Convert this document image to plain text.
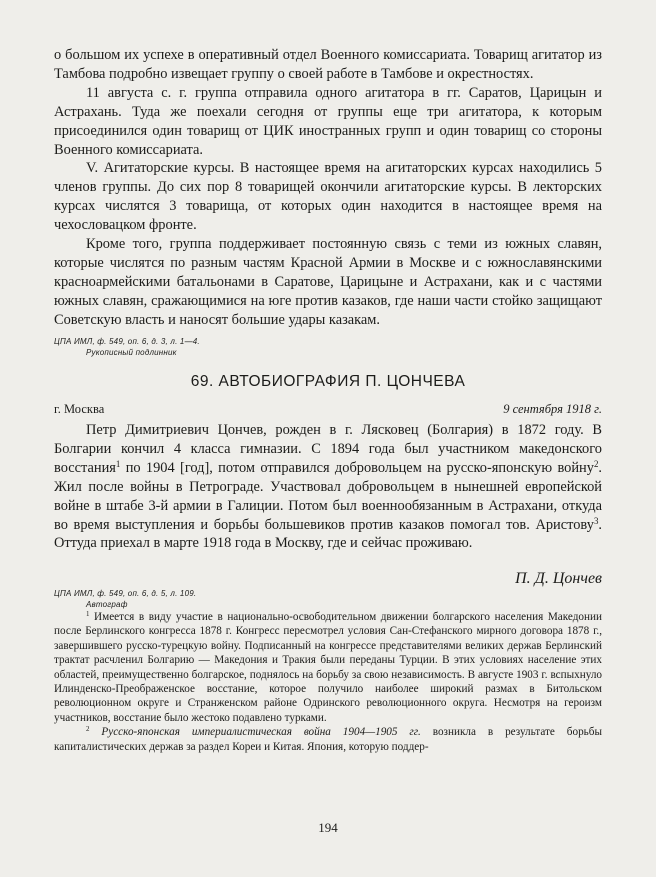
о большом их успехе в оперативный отдел Военного комиссариата. Товарищ агитатор из Тамбова подробно извещает группу о своей работе в Тамбове и окрестностях.

11 августа с. г. группа отправила одного агитатора в гг. Саратов, Царицын и Астрахань. Туда же поехали сегодня от группы еще три агитатора, к которым присоединился один товарищ от ЦИК иностранных групп и один товарищ со стороны Военного комиссариата.

V. Агитаторские курсы. В настоящее время на агитаторских курсах находились 5 членов группы. До сих пор 8 товарищей окончили агитаторские курсы. В лекторских курсах числятся 3 товарища, от которых один находится в настоящее время на чехословацком фронте.

Кроме того, группа поддерживает постоянную связь с теми из южных славян, которые числятся по разным частям Красной Армии в Москве и с южнославянскими красноармейскими батальонами в Саратове, Царицыне и Астрахани, как и с частями южных славян, сражающимися на юге против казаков, где наши части стойко защищают Советскую власть и наносят большие удары казакам.

ЦПА ИМЛ, ф. 549, оп. 6, д. 3, л. 1—4.
Рукописный подлинник
69. АВТОБИОГРАФИЯ П. ЦОНЧЕВА
г. Москва	9 сентября 1918 г.

Петр Димитриевич Цончев, рожден в г. Лясковец (Болгария) в 1872 году. В Болгарии кончил 4 класса гимназии. С 1894 года был участником македонского восстания$^1$ по 1904 [год], потом отправился добровольцем на русско-японскую войну$^2$. Жил после войны в Петрограде. Участвовал добровольцем в нынешней европейской войне в штабе 3-й армии в Галиции. Потом был военнообязанным в Астрахани, откуда во время выступления и борьбы большевиков против казаков помогал тов. Аристову$^3$. Оттуда приехал в марте 1918 года в Москву, где и сейчас проживаю.

П. Д. Цончев
ЦПА ИМЛ, ф. 549, оп. 6, д. 5, л. 109.
Автограф

$^1$ Имеется в виду участие в национально-освободительном движении болгарского населения Македонии после Берлинского конгресса 1878 г. Конгресс пересмотрел условия Сан-Стефанского мирного договора 1878 г., завершившего русско-турецкую войну. Подписанный на конгрессе представителями великих держав Берлинский трактат расчленил Болгарию — Македония и Тракия были переданы Турции. В этих условиях население этих областей, преимущественно болгарское, поднялось на борьбу за свою независимость. В августе 1903 г. вспыхнуло Илинденско-Преображенское восстание, которое получило наиболее широкий размах в Битольском революционном округе и Странженском районе Одринского революционного округа. Несмотря на героизм участников, восстание было жестоко подавлено турками.

$^2$ Русско-японская империалистическая война 1904—1905 гг. возникла в результате борьбы капиталистических держав за раздел Кореи и Китая. Япония, которую поддер-

194
